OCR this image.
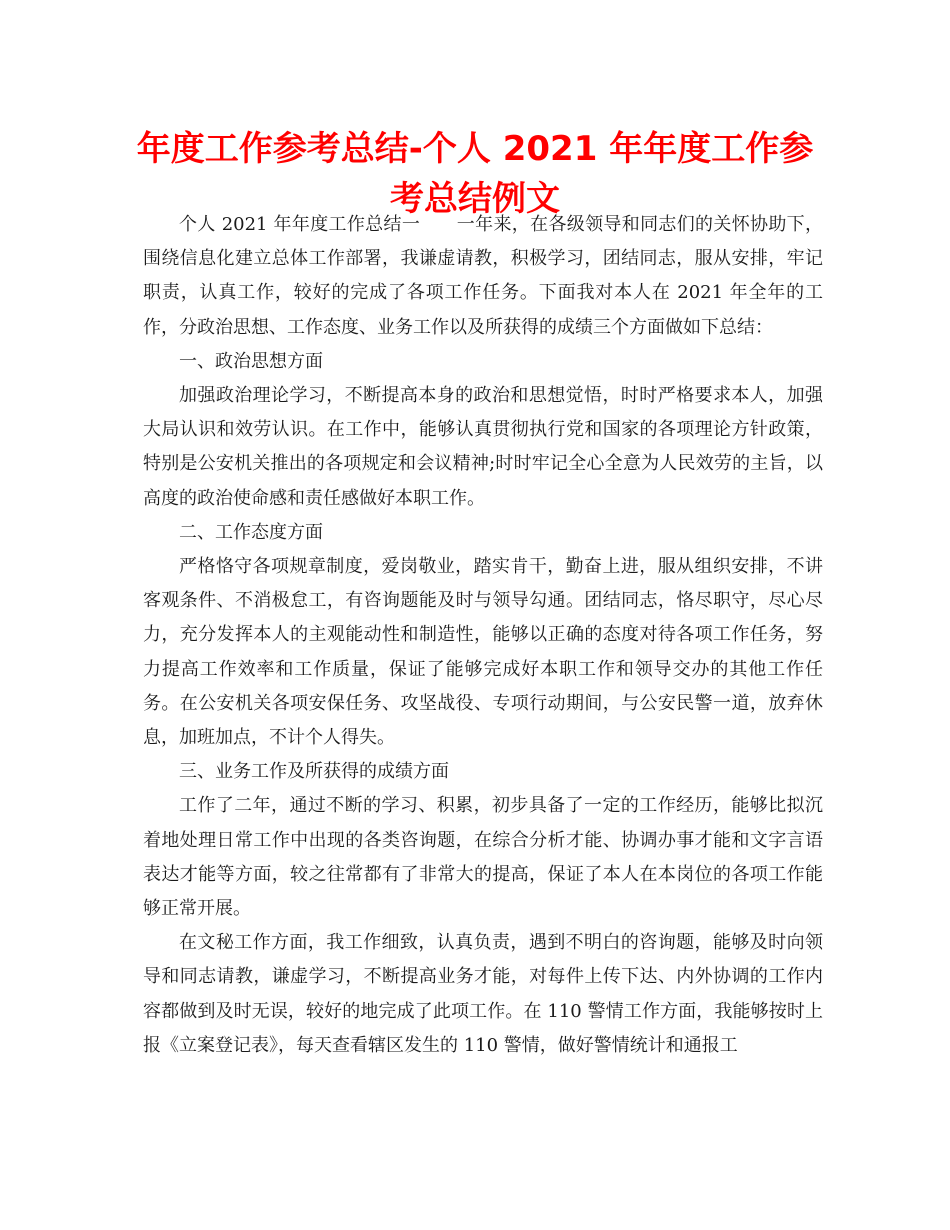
年度工作参考总结-个人 2021 年年度工作参考总结例文

个人 2021 年年度工作总结一　　一年来，在各级领导和同志们的关怀协助下，围绕信息化建立总体工作部署，我谦虚请教，积极学习，团结同志，服从安排，牢记职责，认真工作，较好的完成了各项工作任务。下面我对本人在 2021 年全年的工作，分政治思想、工作态度、业务工作以及所获得的成绩三个方面做如下总结：

一、政治思想方面

加强政治理论学习，不断提高本身的政治和思想觉悟，时时严格要求本人，加强大局认识和效劳认识。在工作中，能够认真贯彻执行党和国家的各项理论方针政策，特别是公安机关推出的各项规定和会议精神;时时牢记全心全意为人民效劳的主旨，以高度的政治使命感和责任感做好本职工作。

二、工作态度方面

严格恪守各项规章制度，爱岗敬业，踏实肯干，勤奋上进，服从组织安排，不讲客观条件、不消极怠工，有咨询题能及时与领导勾通。团结同志，恪尽职守，尽心尽力，充分发挥本人的主观能动性和制造性，能够以正确的态度对待各项工作任务，努力提高工作效率和工作质量，保证了能够完成好本职工作和领导交办的其他工作任务。在公安机关各项安保任务、攻坚战役、专项行动期间，与公安民警一道，放弃休息，加班加点，不计个人得失。

三、业务工作及所获得的成绩方面

工作了二年，通过不断的学习、积累，初步具备了一定的工作经历，能够比拟沉着地处理日常工作中出现的各类咨询题，在综合分析才能、协调办事才能和文字言语表达才能等方面，较之往常都有了非常大的提高，保证了本人在本岗位的各项工作能够正常开展。

在文秘工作方面，我工作细致，认真负责，遇到不明白的咨询题，能够及时向领导和同志请教，谦虚学习，不断提高业务才能，对每件上传下达、内外协调的工作内容都做到及时无误，较好的地完成了此项工作。在 110 警情工作方面，我能够按时上报《立案登记表》，每天查看辖区发生的 110 警情，做好警情统计和通报工
